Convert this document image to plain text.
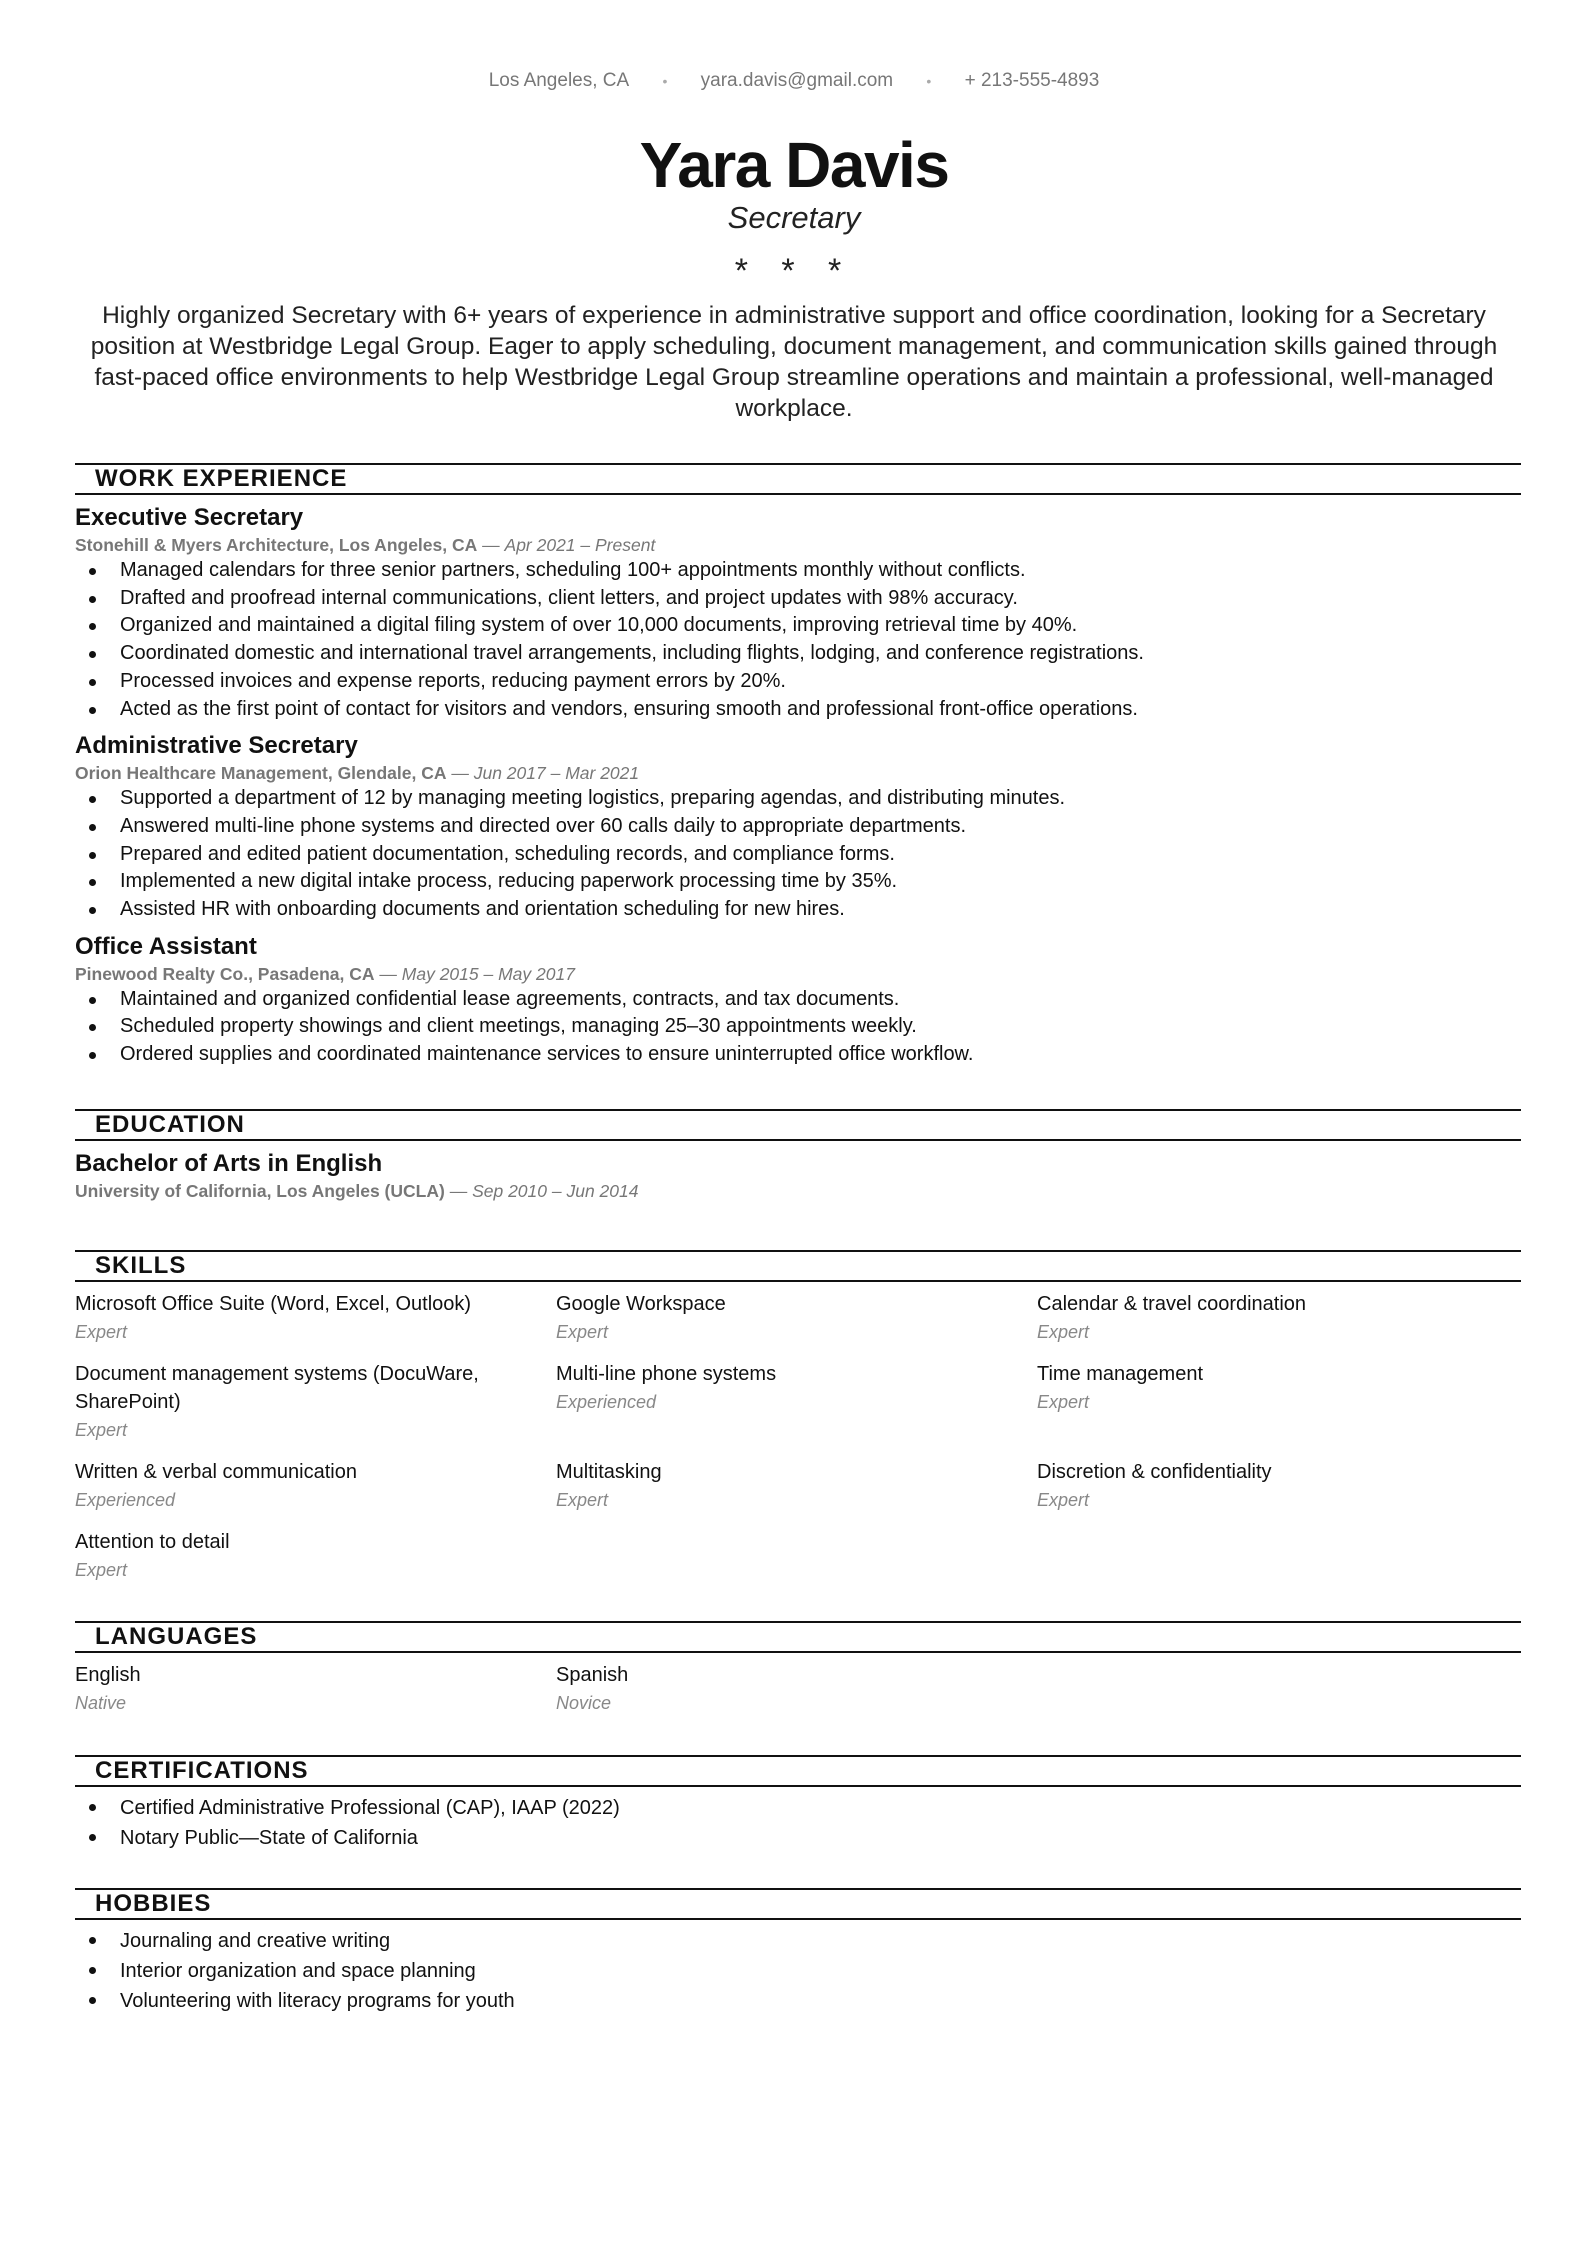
Los Angeles, CA • yara.davis@gmail.com • + 213-555-4893
Yara Davis
Secretary
* * *
Highly organized Secretary with 6+ years of experience in administrative support and office coordination, looking for a Secretary position at Westbridge Legal Group. Eager to apply scheduling, document management, and communication skills gained through fast-paced office environments to help Westbridge Legal Group streamline operations and maintain a professional, well-managed workplace.
WORK EXPERIENCE
Executive Secretary
Stonehill & Myers Architecture, Los Angeles, CA — Apr 2021 – Present
Managed calendars for three senior partners, scheduling 100+ appointments monthly without conflicts.
Drafted and proofread internal communications, client letters, and project updates with 98% accuracy.
Organized and maintained a digital filing system of over 10,000 documents, improving retrieval time by 40%.
Coordinated domestic and international travel arrangements, including flights, lodging, and conference registrations.
Processed invoices and expense reports, reducing payment errors by 20%.
Acted as the first point of contact for visitors and vendors, ensuring smooth and professional front-office operations.
Administrative Secretary
Orion Healthcare Management, Glendale, CA — Jun 2017 – Mar 2021
Supported a department of 12 by managing meeting logistics, preparing agendas, and distributing minutes.
Answered multi-line phone systems and directed over 60 calls daily to appropriate departments.
Prepared and edited patient documentation, scheduling records, and compliance forms.
Implemented a new digital intake process, reducing paperwork processing time by 35%.
Assisted HR with onboarding documents and orientation scheduling for new hires.
Office Assistant
Pinewood Realty Co., Pasadena, CA — May 2015 – May 2017
Maintained and organized confidential lease agreements, contracts, and tax documents.
Scheduled property showings and client meetings, managing 25–30 appointments weekly.
Ordered supplies and coordinated maintenance services to ensure uninterrupted office workflow.
EDUCATION
Bachelor of Arts in English
University of California, Los Angeles (UCLA) — Sep 2010 – Jun 2014
SKILLS
Microsoft Office Suite (Word, Excel, Outlook)
Expert
Google Workspace
Expert
Calendar & travel coordination
Expert
Document management systems (DocuWare, SharePoint)
Expert
Multi-line phone systems
Experienced
Time management
Expert
Written & verbal communication
Experienced
Multitasking
Expert
Discretion & confidentiality
Expert
Attention to detail
Expert
LANGUAGES
English
Native
Spanish
Novice
CERTIFICATIONS
Certified Administrative Professional (CAP), IAAP (2022)
Notary Public—State of California
HOBBIES
Journaling and creative writing
Interior organization and space planning
Volunteering with literacy programs for youth
